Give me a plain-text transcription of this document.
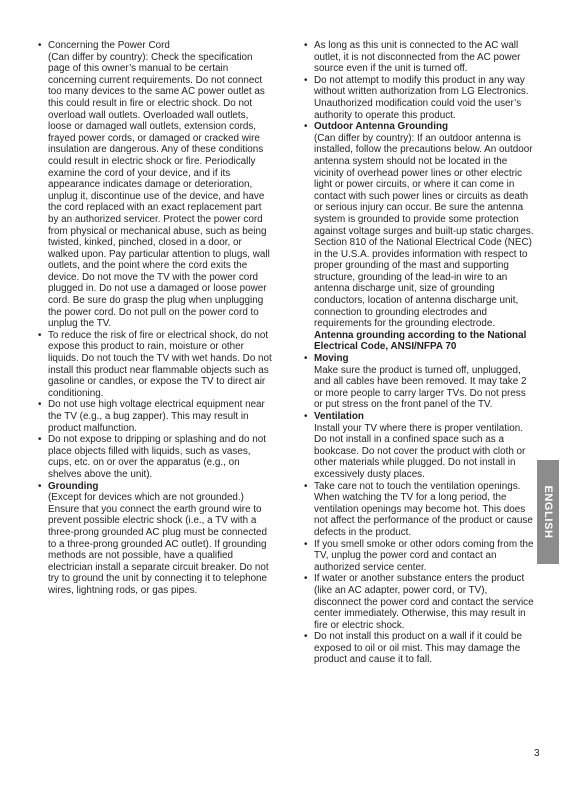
• Concerning the Power Cord
(Can differ by country): Check the specification page of this owner’s manual to be certain concerning current requirements. Do not connect too many devices to the same AC power outlet as this could result in fire or electric shock. Do not overload wall outlets. Overloaded wall outlets, loose or damaged wall outlets, extension cords, frayed power cords, or damaged or cracked wire insulation are dangerous. Any of these conditions could result in electric shock or fire. Periodically examine the cord of your device, and if its appearance indicates damage or deterioration, unplug it, discontinue use of the device, and have the cord replaced with an exact replacement part by an authorized servicer. Protect the power cord from physical or mechanical abuse, such as being twisted, kinked, pinched, closed in a door, or walked upon. Pay particular attention to plugs, wall outlets, and the point where the cord exits the device. Do not move the TV with the power cord plugged in. Do not use a damaged or loose power cord. Be sure do grasp the plug when unplugging the power cord. Do not pull on the power cord to unplug the TV.
• To reduce the risk of fire or electrical shock, do not expose this product to rain, moisture or other liquids. Do not touch the TV with wet hands. Do not install this product near flammable objects such as gasoline or candles, or expose the TV to direct air conditioning.
• Do not use high voltage electrical equipment near the TV (e.g., a bug zapper). This may result in product malfunction.
• Do not expose to dripping or splashing and do not place objects filled with liquids, such as vases, cups, etc. on or over the apparatus (e.g., on shelves above the unit).
• Grounding
(Except for devices which are not grounded.) Ensure that you connect the earth ground wire to prevent possible electric shock (i.e., a TV with a three-prong grounded AC plug must be connected to a three-prong grounded AC outlet). If grounding methods are not possible, have a qualified electrician install a separate circuit breaker. Do not try to ground the unit by connecting it to telephone wires, lightning rods, or gas pipes.
• As long as this unit is connected to the AC wall outlet, it is not disconnected from the AC power source even if the unit is turned off.
• Do not attempt to modify this product in any way without written authorization from LG Electronics. Unauthorized modification could void the user’s authority to operate this product.
• Outdoor Antenna Grounding
(Can differ by country): If an outdoor antenna is installed, follow the precautions below. An outdoor antenna system should not be located in the vicinity of overhead power lines or other electric light or power circuits, or where it can come in contact with such power lines or circuits as death or serious injury can occur. Be sure the antenna system is grounded to provide some protection against voltage surges and built-up static charges. Section 810 of the National Electrical Code (NEC) in the U.S.A. provides information with respect to proper grounding of the mast and supporting structure, grounding of the lead-in wire to an antenna discharge unit, size of grounding conductors, location of antenna discharge unit, connection to grounding electrodes and requirements for the grounding electrode.
Antenna grounding according to the National Electrical Code, ANSI/NFPA 70
• Moving
Make sure the product is turned off, unplugged, and all cables have been removed. It may take 2 or more people to carry larger TVs. Do not press or put stress on the front panel of the TV.
• Ventilation
Install your TV where there is proper ventilation. Do not install in a confined space such as a bookcase. Do not cover the product with cloth or other materials while plugged. Do not install in excessively dusty places.
• Take care not to touch the ventilation openings. When watching the TV for a long period, the ventilation openings may become hot. This does not affect the performance of the product or cause defects in the product.
• If you smell smoke or other odors coming from the TV, unplug the power cord and contact an authorized service center.
• If water or another substance enters the product (like an AC adapter, power cord, or TV), disconnect the power cord and contact the service center immediately. Otherwise, this may result in fire or electric shock.
• Do not install this product on a wall if it could be exposed to oil or oil mist. This may damage the product and cause it to fall.
ENGLISH
3
